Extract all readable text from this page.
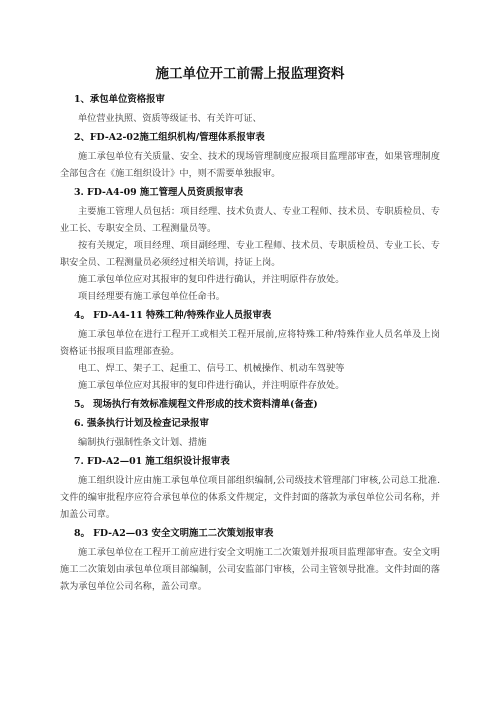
施工单位开工前需上报监理资料
1、承包单位资格报审

单位营业执照、资质等级证书、有关许可证、

2、FD-A2-02施工组织机构/管理体系报审表

施工承包单位有关质量、安全、技术的现场管理制度应报项目监理部审查，如果管理制度全部包含在《施工组织设计》中，则不需要单独报审。

3. FD-A4-09 施工管理人员资质报审表

主要施工管理人员包括：项目经理、技术负责人、专业工程师、技术员、专职质检员、专业工长、专职安全员、工程测量员等。

按有关规定，项目经理、项目副经理、专业工程师、技术员、专职质检员、专业工长、专职安全员、工程测量员必须经过相关培训，持证上岗。

施工承包单位应对其报审的复印件进行确认，并注明原件存放处。

项目经理要有施工承包单位任命书。

4。 FD-A4-11 特殊工种/特殊作业人员报审表

施工承包单位在进行工程开工或相关工程开展前,应将特殊工种/特殊作业人员名单及上岗资格证书报项目监理部查验。

电工、焊工、架子工、起重工、信号工、机械操作、机动车驾驶等

施工承包单位应对其报审的复印件进行确认，并注明原件存放处。

5。 现场执行有效标准规程文件形成的技术资料清单(备查)
6. 强条执行计划及检查记录报审

编制执行强制性条文计划、措施

7. FD-A2—01 施工组织设计报审表

施工组织设计应由施工承包单位项目部组织编制,公司级技术管理部门审核,公司总工批准.文件的编审批程序应符合承包单位的体系文件规定，文件封面的落款为承包单位公司名称，并加盖公司章。

8。 FD-A2—03 安全文明施工二次策划报审表

施工承包单位在工程开工前应进行安全文明施工二次策划并报项目监理部审查。安全文明施工二次策划由承包单位项目部编制，公司安监部门审核，公司主管领导批准。文件封面的落款为承包单位公司名称，盖公司章。
